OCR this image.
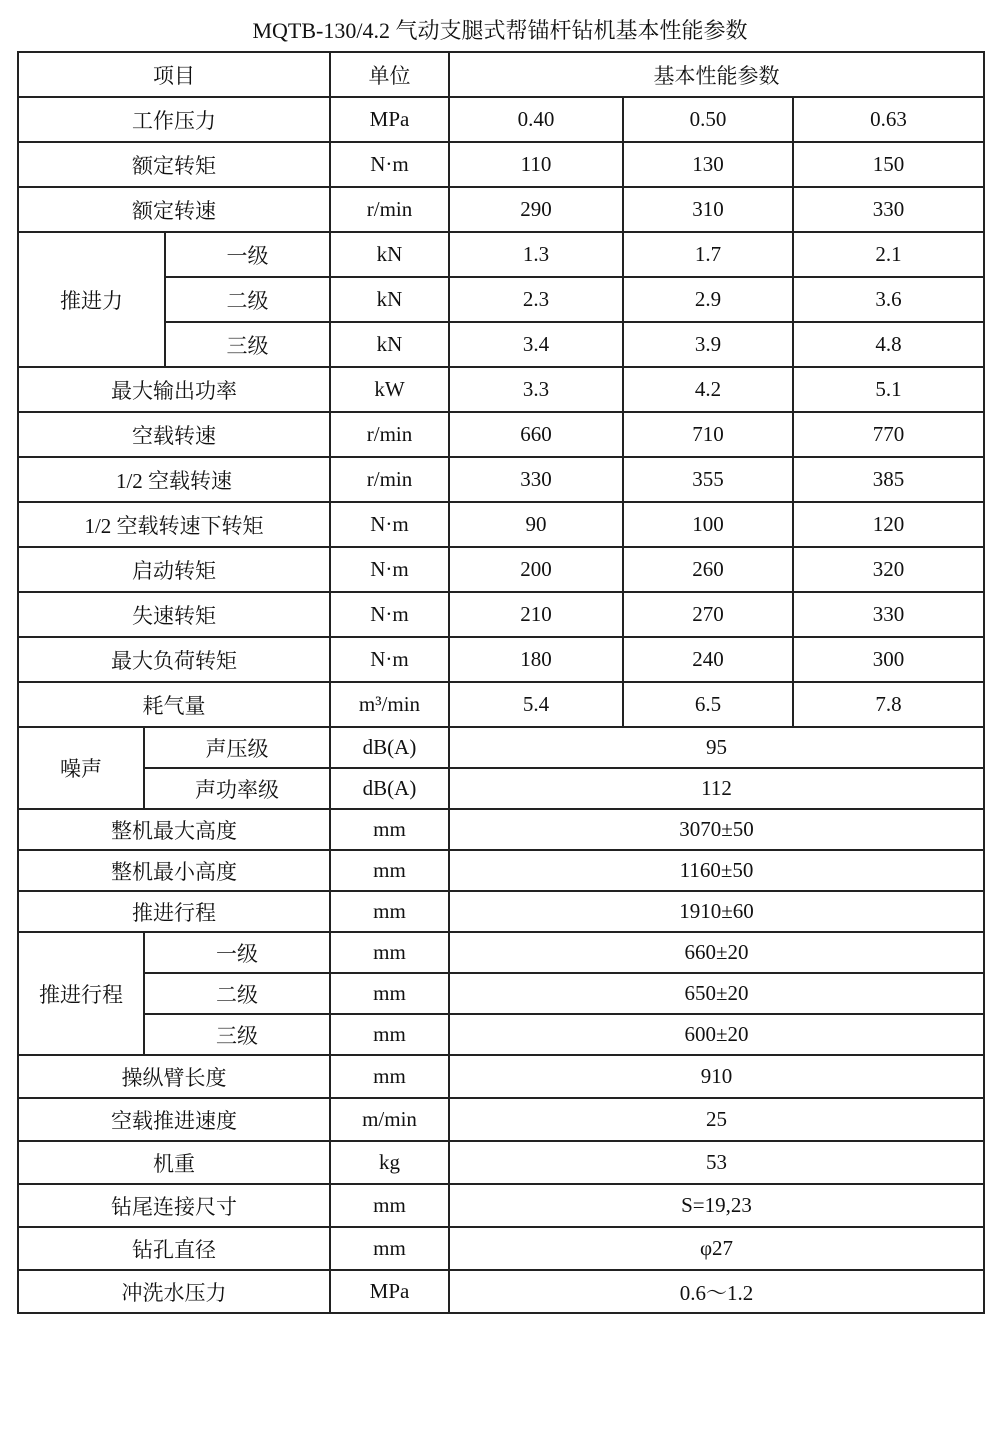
MQTB-130/4.2 气动支腿式帮锚杆钻机基本性能参数
项目			单位	基本性能参数		
工作压力			MPa	0.40	0.50	0.63
额定转矩			N·m	110	130	150
额定转速			r/min	290	310	330
推进力		一级	kN	1.3	1.7	2.1
		二级	kN	2.3	2.9	3.6
		三级	kN	3.4	3.9	4.8
最大输出功率			kW	3.3	4.2	5.1
空载转速			r/min	660	710	770
1/2 空载转速			r/min	330	355	385
1/2 空载转速下转矩			N·m	90	100	120
启动转矩			N·m	200	260	320
失速转矩			N·m	210	270	330
最大负荷转矩			N·m	180	240	300
耗气量			m³/min	5.4	6.5	7.8
噪声	声压级		dB(A)	95		
	声功率级		dB(A)	112		
整机最大高度			mm	3070±50		
整机最小高度			mm	1160±50		
推进行程			mm	1910±60		
推进行程	一级		mm	660±20		
	二级		mm	650±20		
	三级		mm	600±20		
操纵臂长度			mm	910		
空载推进速度			m/min	25		
机重			kg	53		
钻尾连接尺寸			mm	S=19,23		
钻孔直径			mm	φ27		
冲洗水压力			MPa	0.6～1.2		
